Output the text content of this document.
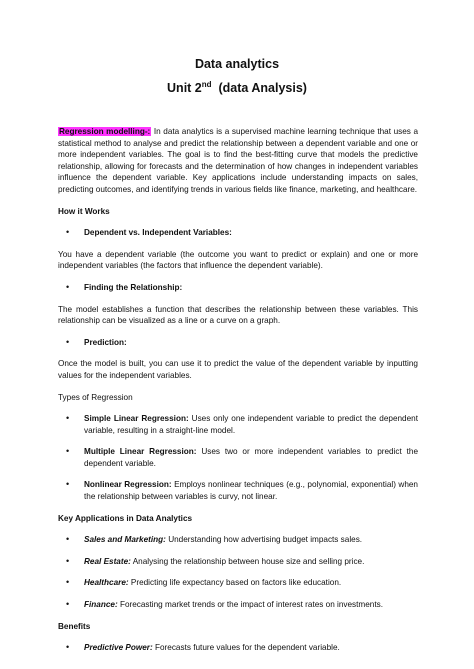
Data analytics
Unit 2nd (data Analysis)

Regression modelling-: In data analytics is a supervised machine learning technique that uses a statistical method to analyse and predict the relationship between a dependent variable and one or more independent variables. The goal is to find the best-fitting curve that models the predictive relationship, allowing for forecasts and the determination of how changes in independent variables influence the dependent variable. Key applications include understanding impacts on sales, predicting outcomes, and identifying trends in various fields like finance, marketing, and healthcare.

How it Works

• Dependent vs. Independent Variables:

You have a dependent variable (the outcome you want to predict or explain) and one or more independent variables (the factors that influence the dependent variable).

• Finding the Relationship:

The model establishes a function that describes the relationship between these variables. This relationship can be visualized as a line or a curve on a graph.

• Prediction:

Once the model is built, you can use it to predict the value of the dependent variable by inputting values for the independent variables.

Types of Regression

• Simple Linear Regression: Uses only one independent variable to predict the dependent variable, resulting in a straight-line model.
• Multiple Linear Regression: Uses two or more independent variables to predict the dependent variable.
• Nonlinear Regression: Employs nonlinear techniques (e.g., polynomial, exponential) when the relationship between variables is curvy, not linear.

Key Applications in Data Analytics

• Sales and Marketing: Understanding how advertising budget impacts sales.
• Real Estate: Analysing the relationship between house size and selling price.
• Healthcare: Predicting life expectancy based on factors like education.
• Finance: Forecasting market trends or the impact of interest rates on investments.

Benefits

• Predictive Power: Forecasts future values for the dependent variable.
